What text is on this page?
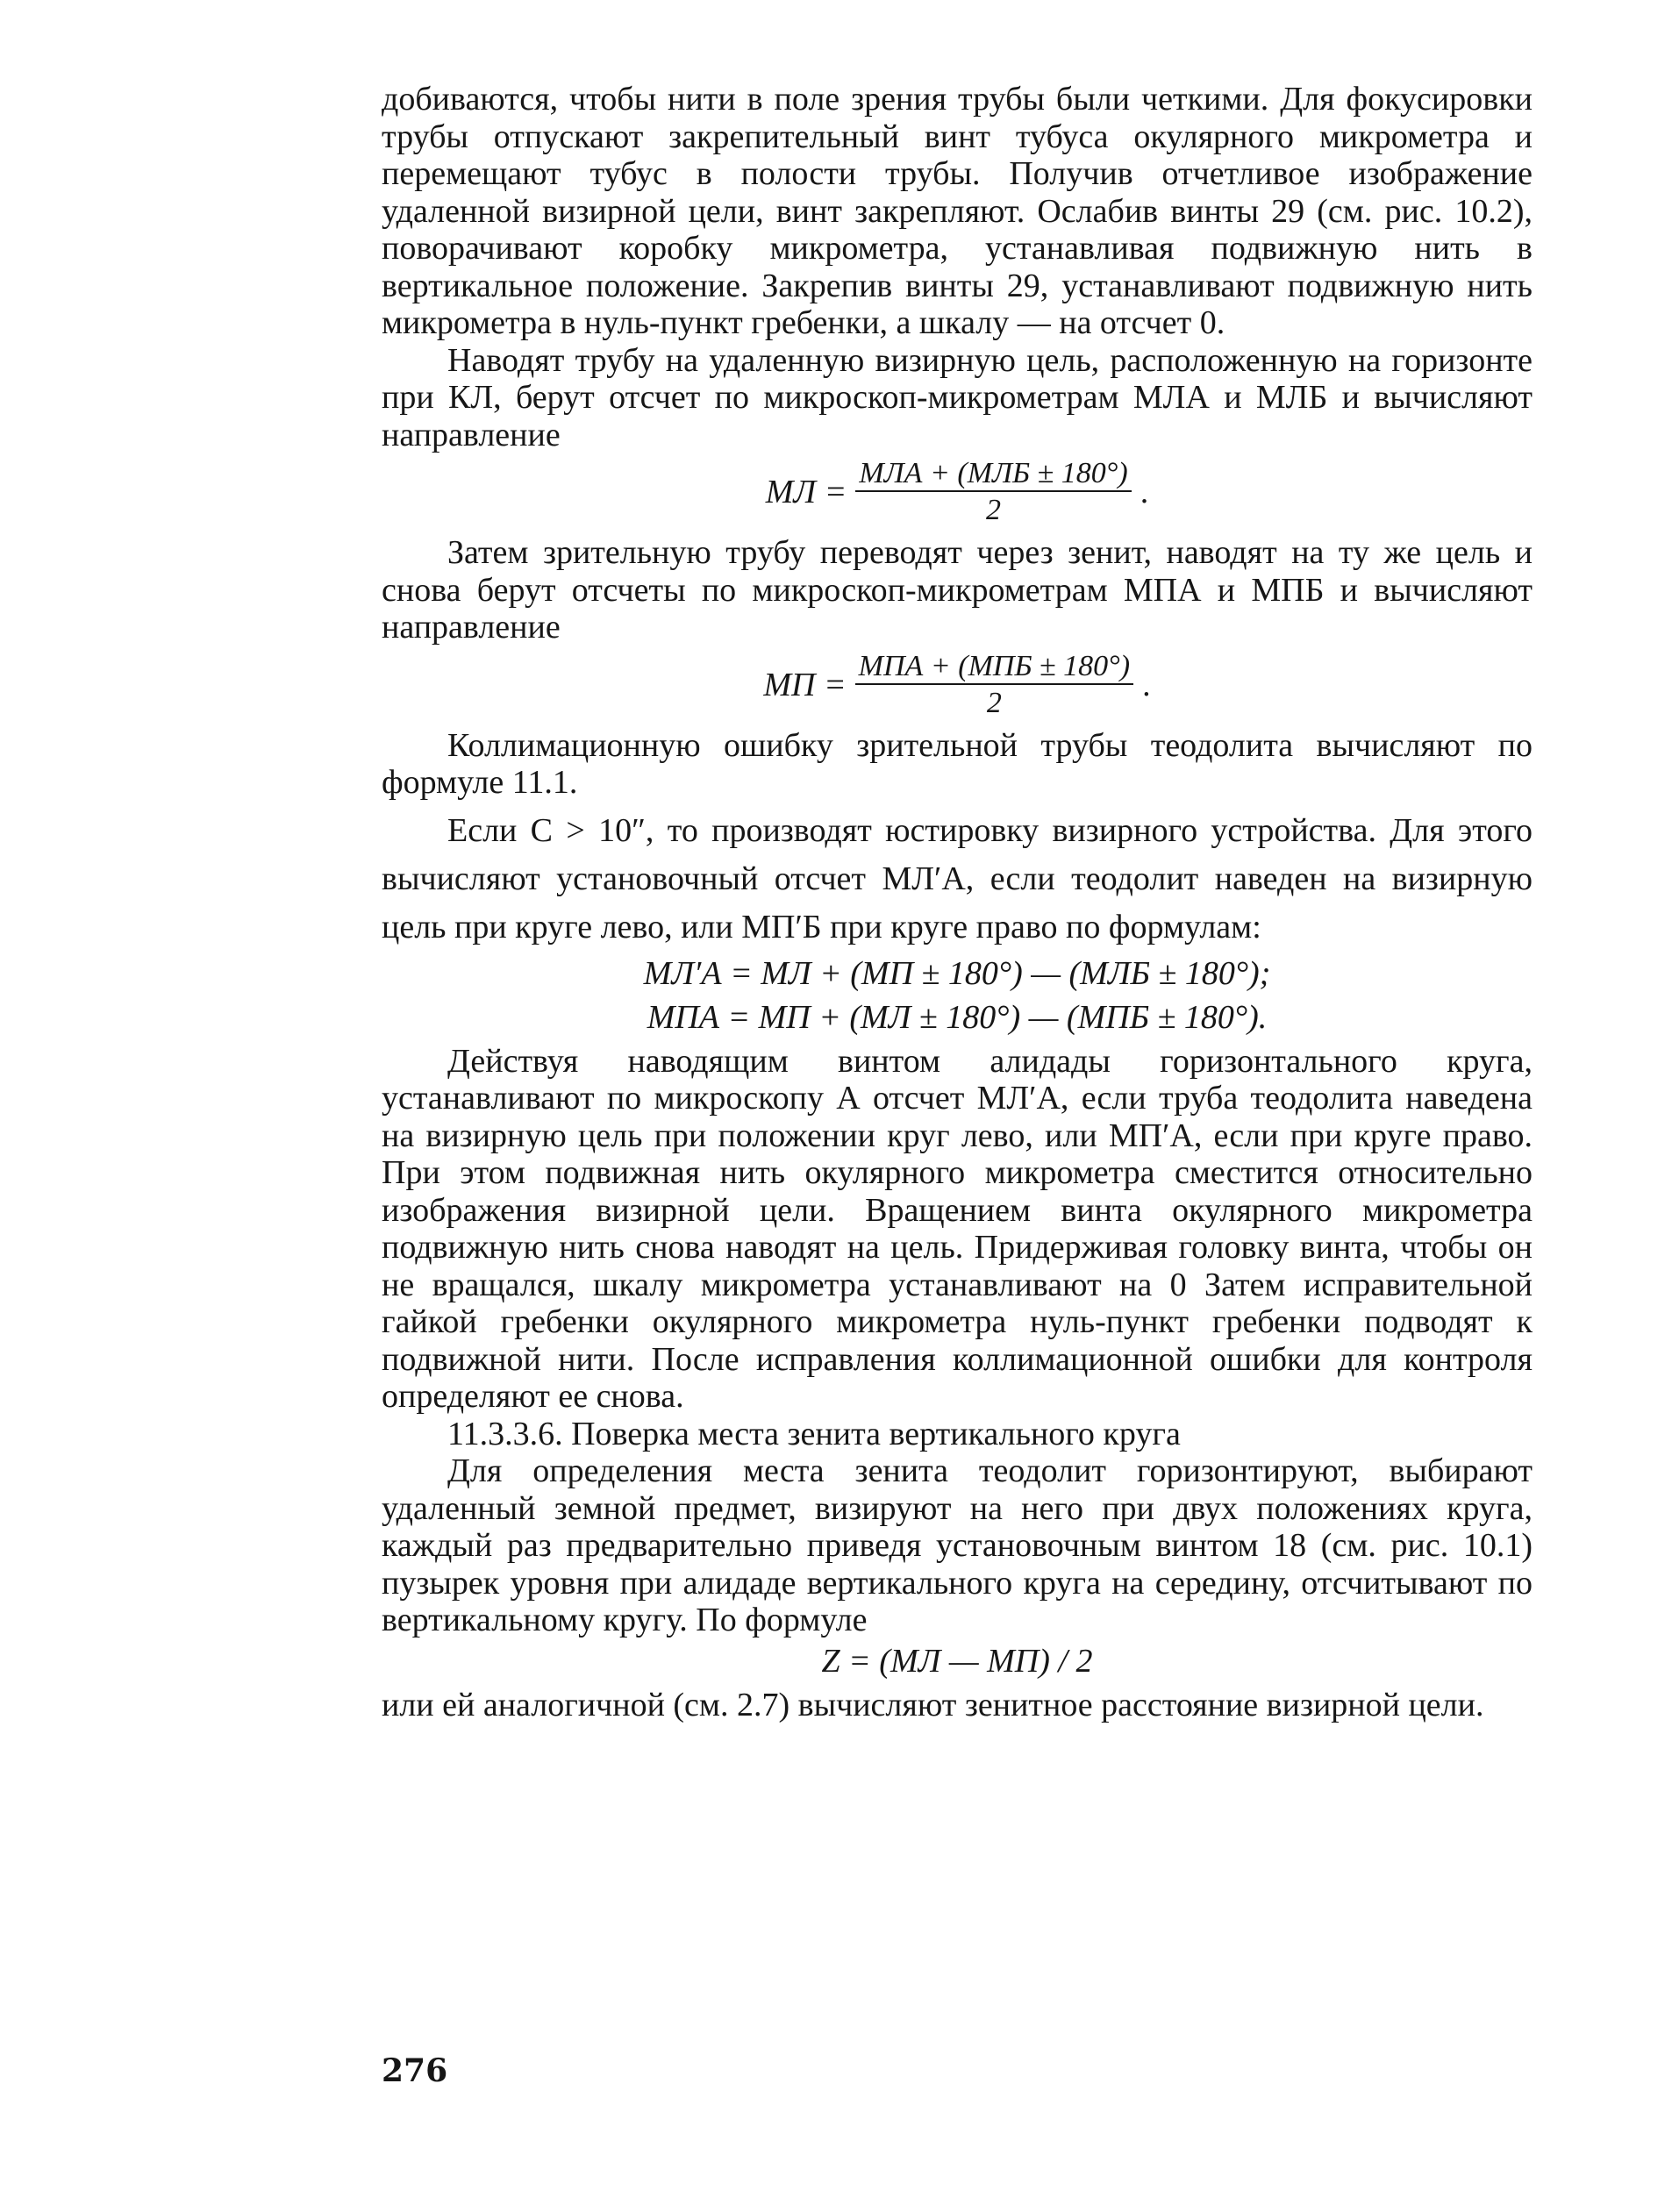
добиваются, чтобы нити в поле зрения трубы были четкими. Для фокусировки трубы отпускают закрепительный винт тубуса окулярного микрометра и перемещают тубус в полости трубы. Получив отчетливое изображение удаленной визирной цели, винт закрепляют. Ослабив винты 29 (см. рис. 10.2), поворачивают коробку микрометра, устанавливая подвижную нить в вертикальное положение. Закрепив винты 29, устанавливают подвижную нить микрометра в нуль-пункт гребенки, а шкалу — на отсчет 0.

Наводят трубу на удаленную визирную цель, расположенную на горизонте при КЛ, берут отсчет по микроскоп-микрометрам МЛА и МЛБ и вычисляют направление

МЛ = $\frac{\text{МЛА + (МЛБ ± 180°)}}{2}$ .

Затем зрительную трубу переводят через зенит, наводят на ту же цель и снова берут отсчеты по микроскоп-микрометрам МПА и МПБ и вычисляют направление

МП = $\frac{\text{МПА + (МПБ ± 180°)}}{2}$ .

Коллимационную ошибку зрительной трубы теодолита вычисляют по формуле 11.1.

Если C > 10″, то производят юстировку визирного устройства. Для этого вычисляют установочный отсчет МЛ′А, если теодолит наведен на визирную цель при круге лево, или МП′Б при круге право по формулам:

МЛ′А = МЛ + (МП ± 180°) — (МЛБ ± 180°);
МПА = МП + (МЛ ± 180°) — (МПБ ± 180°).

Действуя наводящим винтом алидады горизонтального круга, устанавливают по микроскопу А отсчет МЛ′А, если труба теодолита наведена на визирную цель при положении круг лево, или МП′А, если при круге право. При этом подвижная нить окулярного микрометра сместится относительно изображения визирной цели. Вращением винта окулярного микрометра подвижную нить снова наводят на цель. Придерживая головку винта, чтобы он не вращался, шкалу микрометра устанавливают на 0 Затем исправительной гайкой гребенки окулярного микрометра нуль-пункт гребенки подводят к подвижной нити. После исправления коллимационной ошибки для контроля определяют ее снова.

11.3.3.6. Поверка места зенита вертикального круга

Для определения места зенита теодолит горизонтируют, выбирают удаленный земной предмет, визируют на него при двух положениях круга, каждый раз предварительно приведя установочным винтом 18 (см. рис. 10.1) пузырек уровня при алидаде вертикального круга на середину, отсчитывают по вертикальному кругу. По формуле

Z = (МЛ — МП) / 2

или ей аналогичной (см. 2.7) вычисляют зенитное расстояние визирной цели.

276
